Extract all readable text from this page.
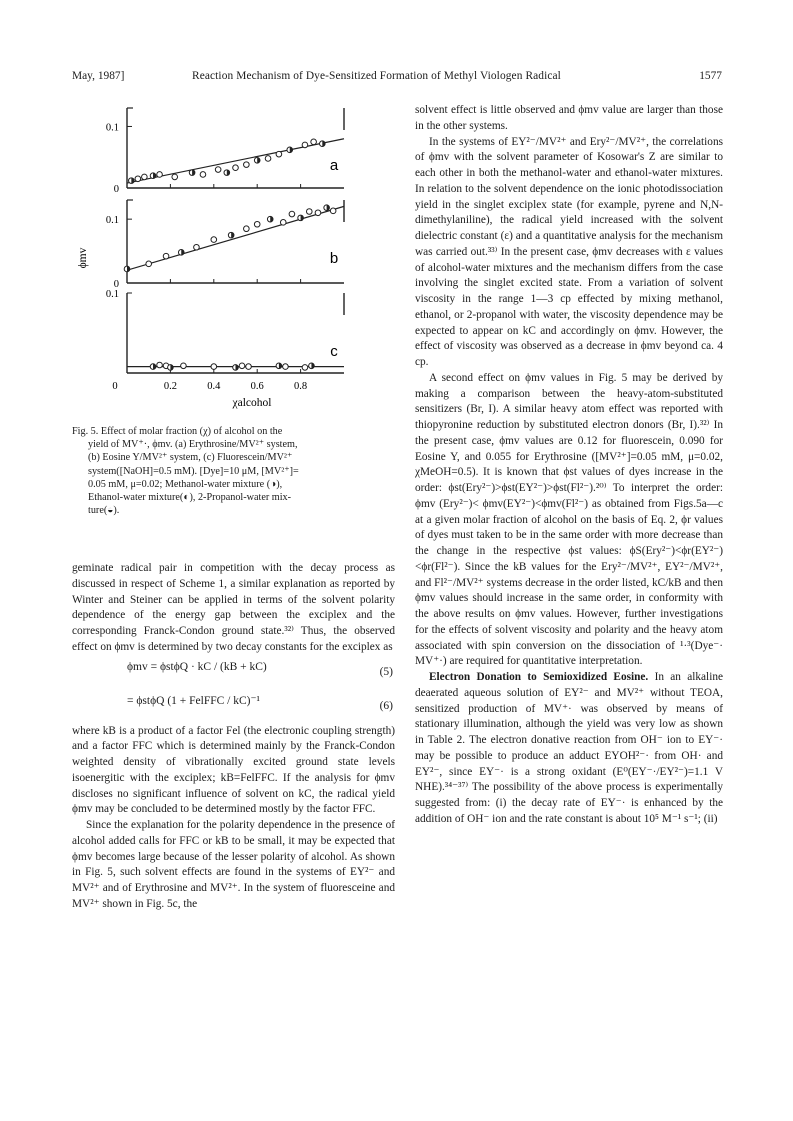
May, 1987]	Reaction Mechanism of Dye-Sensitized Formation of Methyl Viologen Radical	1577
0
0.1
a
0
0.1
b
0.1
c
0	0.2	0.4	0.6	0.8
χalcohol
ϕmv
Fig. 5. Effect of molar fraction (χ) of alcohol on the
yield of MV⁺·, ϕmv. (a) Erythrosine/MV²⁺ system,
(b) Eosine Y/MV²⁺ system, (c) Fluorescein/MV²⁺
system([NaOH]=0.5 mM). [Dye]=10 μM, [MV²⁺]=
0.05 mM, μ=0.02; Methanol-water mixture (◑),
Ethanol-water mixture(◐), 2-Propanol-water mix-
ture(◒).

geminate radical pair in competition with the decay process as discussed in respect of Scheme 1, a similar explanation as reported by Winter and Steiner can be applied in terms of the solvent polarity dependence of the energy gap between the exciplex and the corresponding Franck-Condon ground state.³²⁾ Thus, the observed effect on ϕmv is determined by two decay constants for the exciplex as

ϕmv = ϕstϕQ · kC / (kB + kC)	(5)
= ϕstϕQ (1 + FelFFC / kC)⁻¹	(6)

where kB is a product of a factor Fel (the electronic coupling strength) and a factor FFC which is determined mainly by the Franck-Condon weighted density of vibrationally excited ground state levels isoenergitic with the exciplex; kB=FelFFC. If the analysis for ϕmv discloses no significant influence of solvent on kC, the radical yield ϕmv may be concluded to be determined mostly by the factor FFC.

Since the explanation for the polarity dependence in the presence of alcohol added calls for FFC or kB to be small, it may be expected that ϕmv becomes large because of the lesser polarity of alcohol. As shown in Fig. 5, such solvent effects are found in the systems of EY²⁻ and MV²⁺ and of Erythrosine and MV²⁺. In the system of fluoresceine and MV²⁺ shown in Fig. 5c, the

solvent effect is little observed and ϕmv value are larger than those in the other systems.

In the systems of EY²⁻/MV²⁺ and Ery²⁻/MV²⁺, the correlations of ϕmv with the solvent parameter of Kosowar's Z are similar to each other in both the methanol-water and ethanol-water mixtures. In relation to the solvent dependence on the ionic photodissociation yield in the singlet exciplex state (for example, pyrene and N,N-dimethylaniline), the radical yield increased with the solvent dielectric constant (ε) and a quantitative analysis for the mechanism was carried out.³³⁾ In the present case, ϕmv decreases with ε values of alcohol-water mixtures and the mechanism differs from the case involving the singlet excited state. From a variation of solvent viscosity in the range 1—3 cp effected by mixing methanol, ethanol, or 2-propanol with water, the viscosity dependence may be expected to appear on kC and accordingly on ϕmv. However, the effect of viscosity was observed as a decrease in ϕmv beyond ca. 4 cp.

A second effect on ϕmv values in Fig. 5 may be derived by making a comparison between the heavy-atom-substituted sensitizers (Br, I). A similar heavy atom effect was reported with thiopyronine reduction by substituted electron donors (Br, I).³²⁾ In the present case, ϕmv values are 0.12 for fluorescein, 0.090 for Eosine Y, and 0.055 for Erythrosine ([MV²⁺]=0.05 mM, μ=0.02, χMeOH=0.5). It is known that ϕst values of dyes increase in the order: ϕst(Ery²⁻)>ϕst(EY²⁻)>ϕst(Fl²⁻).²⁰⁾ To interpret the order: ϕmv (Ery²⁻)< ϕmv(EY²⁻)<ϕmv(Fl²⁻) as obtained from Figs.5a—c at a given molar fraction of alcohol on the basis of Eq. 2, ϕr values of dyes must taken to be in the same order with more decrease than the change in the respective ϕst values: ϕS(Ery²⁻)<ϕr(EY²⁻)<ϕr(Fl²⁻). Since the kB values for the Ery²⁻/MV²⁺, EY²⁻/MV²⁺, and Fl²⁻/MV²⁺ systems decrease in the order listed, kC/kB and then ϕmv values should increase in the same order, in conformity with the above results on ϕmv values. However, further investigations for the effects of solvent viscosity and polarity and the heavy atom associated with spin conversion on the dissociation of ¹·³(Dye⁻· MV⁺·) are required for quantitative interpretation.

Electron Donation to Semioxidized Eosine. In an alkaline deaerated aqueous solution of EY²⁻ and MV²⁺ without TEOA, sensitized production of MV⁺· was observed by means of stationary illumination, although the yield was very low as shown in Table 2. The electron donative reaction from OH⁻ ion to EY⁻· may be possible to produce an adduct EYOH²⁻· from OH· and EY²⁻, since EY⁻· is a strong oxidant (E⁰(EY⁻·/EY²⁻)=1.1 V NHE).³⁴⁻³⁷⁾ The possibility of the above process is experimentally suggested from: (i) the decay rate of EY⁻· is enhanced by the addition of OH⁻ ion and the rate constant is about 10⁵ M⁻¹ s⁻¹; (ii)
